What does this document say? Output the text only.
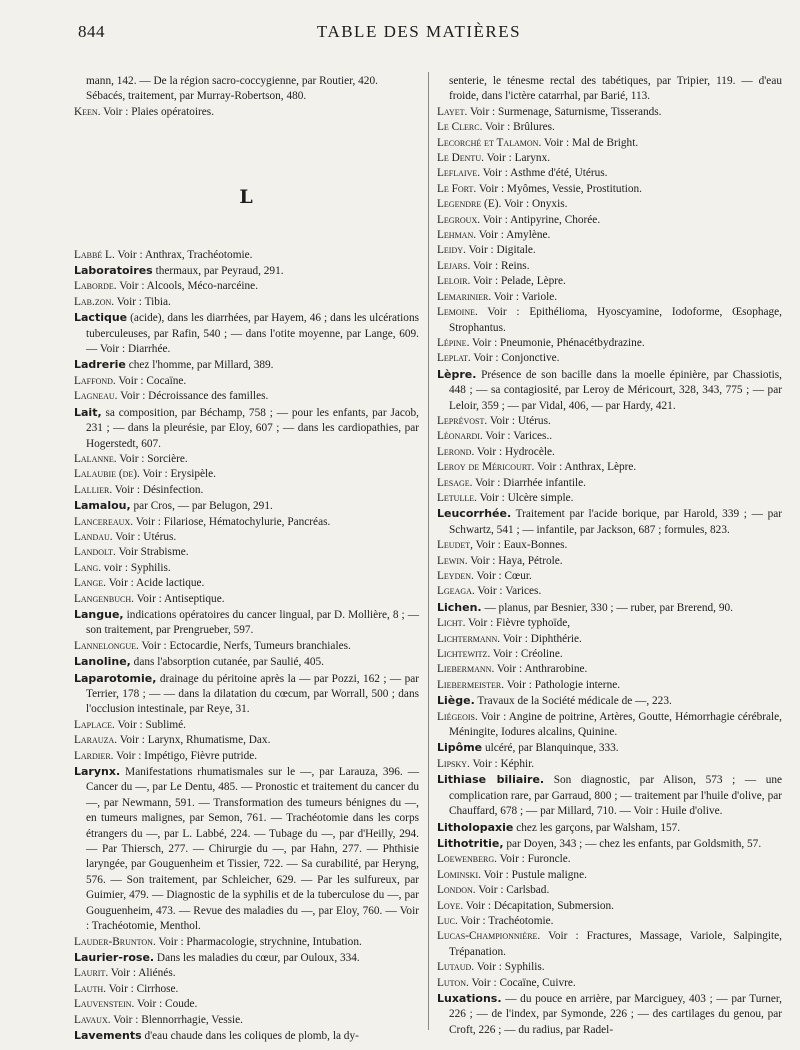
844	TABLE DES MATIÈRES

mann, 142. — De la région sacro-coccygienne, par Routier, 420.

Sébacés, traitement, par Murray-Robertson, 480.

Keen. Voir : Plaies opératoires.

L

Labbé L. Voir : Anthrax, Trachéotomie.

Laboratoires thermaux, par Peyraud, 291.

Laborde. Voir : Alcools, Méco-narcéine.

Lab.zon. Voir : Tibia.

Lactique (acide), dans les diarrhées, par Hayem, 46 ; dans les ulcérations tuberculeuses, par Rafin, 540 ; — dans l'otite moyenne, par Lange, 609. — Voir : Diarrhée.

Ladrerie chez l'homme, par Millard, 389.

Laffond. Voir : Cocaïne.

Lagneau. Voir : Décroissance des familles.

Lait, sa composition, par Béchamp, 758 ; — pour les enfants, par Jacob, 231 ; — dans la pleurésie, par Eloy, 607 ; — dans les cardiopathies, par Hogerstedt, 607.

Lalanne. Voir : Sorcière.

Lalaubie (de). Voir : Erysipèle.

Lallier. Voir : Désinfection.

Lamalou, par Cros, — par Belugon, 291.

Lancereaux. Voir : Filariose, Hématochylurie, Pancréas.

Landau. Voir : Utérus.

Landolt. Voir Strabisme.

Lang. voir : Syphilis.

Lange. Voir : Acide lactique.

Langenbuch. Voir : Antiseptique.

Langue, indications opératoires du cancer lingual, par D. Mollière, 8 ; — son traitement, par Prengrueber, 597.

Lannelongue. Voir : Ectocardie, Nerfs, Tumeurs branchiales.

Lanoline, dans l'absorption cutanée, par Saulié, 405.

Laparotomie, drainage du péritoine après la — par Pozzi, 162 ; — par Terrier, 178 ; — — dans la dilatation du cœcum, par Worrall, 500 ; dans l'occlusion intestinale, par Reye, 31.

Laplace. Voir : Sublimé.

Larauza. Voir : Larynx, Rhumatisme, Dax.

Lardier. Voir : Impétigo, Fièvre putride.

Larynx. Manifestations rhumatismales sur le —, par Larauza, 396. — Cancer du —, par Le Dentu, 485. — Pronostic et traitement du cancer du —, par Newmann, 591. — Transformation des tumeurs bénignes du —, en tumeurs malignes, par Semon, 761. — Trachéotomie dans les corps étrangers du —, par L. Labbé, 224. — Tubage du —, par d'Heilly, 294. — Par Thiersch, 277. — Chirurgie du —, par Hahn, 277. — Phthisie laryngée, par Gouguenheim et Tissier, 722. — Sa curabilité, par Heryng, 576. — Son traitement, par Schleicher, 629. — Par les sulfureux, par Guimier, 479. — Diagnostic de la syphilis et de la tuberculose du —, par Gouguenheim, 473. — Revue des maladies du —, par Eloy, 760. — Voir : Trachéotomie, Menthol.

Lauder-Brunton. Voir : Pharmacologie, strychnine, Intubation.

Laurier-rose. Dans les maladies du cœur, par Ouloux, 334.

Laurit. Voir : Aliénés.

Lauth. Voir : Cirrhose.

Lauvenstein. Voir : Coude.

Lavaux. Voir : Blennorrhagie, Vessie.

Lavements d'eau chaude dans les coliques de plomb, la dy-

senterie, le ténesme rectal des tabétiques, par Tripier, 119. — d'eau froide, dans l'ictère catarrhal, par Barié, 113.

Layet. Voir : Surmenage, Saturnisme, Tisserands.

Le Clerc. Voir : Brûlures.

Lecorché et Talamon. Voir : Mal de Bright.

Le Dentu. Voir : Larynx.

Leflaive. Voir : Asthme d'été, Utérus.

Le Fort. Voir : Myômes, Vessie, Prostitution.

Legendre (E). Voir : Onyxis.

Legroux. Voir : Antipyrine, Chorée.

Lehman. Voir : Amylène.

Leidy. Voir : Digitale.

Lejars. Voir : Reins.

Leloir. Voir : Pelade, Lèpre.

Lemarinier. Voir : Variole.

Lemoine. Voir : Epithélioma, Hyoscyamine, Iodoforme, Œsophage, Strophantus.

Lépine. Voir : Pneumonie, Phénacétbydrazine.

Leplat. Voir : Conjonctive.

Lèpre. Présence de son bacille dans la moelle épinière, par Chassiotis, 448 ; — sa contagiosité, par Leroy de Méricourt, 328, 343, 775 ; — par Leloir, 359 ; — par Vidal, 406, — par Hardy, 421.

Leprévost. Voir : Utérus.

Léonardi. Voir : Varices..

Lerond. Voir : Hydrocèle.

Leroy de Méricourt. Voir : Anthrax, Lèpre.

Lesage. Voir : Diarrhée infantile.

Letulle. Voir : Ulcère simple.

Leucorrhée. Traitement par l'acide borique, par Harold, 339 ; — par Schwartz, 541 ; — infantile, par Jackson, 687 ; formules, 823.

Leudet, Voir : Eaux-Bonnes.

Lewin. Voir : Haya, Pétrole.

Leyden. Voir : Cœur.

Lgeaga. Voir : Varices.

Lichen. — planus, par Besnier, 330 ; — ruber, par Brerend, 90.

Licht. Voir : Fièvre typhoïde,

Lichtermann. Voir : Diphthérie.

Lichtewitz. Voir : Créoline.

Liebermann. Voir : Anthrarobine.

Liebermeister. Voir : Pathologie interne.

Liège. Travaux de la Société médicale de —, 223.

Liégeois. Voir : Angine de poitrine, Artères, Goutte, Hémorrhagie cérébrale, Méningite, Iodures alcalins, Quinine.

Lipôme ulcéré, par Blanquinque, 333.

Lipsky. Voir : Képhir.

Lithiase biliaire. Son diagnostic, par Alison, 573 ; — une complication rare, par Garraud, 800 ; — traitement par l'huile d'olive, par Chauffard, 678 ; — par Millard, 710. — Voir : Huile d'olive.

Litholopaxie chez les garçons, par Walsham, 157.

Lithotritie, par Doyen, 343 ; — chez les enfants, par Goldsmith, 57.

Loewenberg. Voir : Furoncle.

Lominski. Voir : Pustule maligne.

London. Voir : Carlsbad.

Loye. Voir : Décapitation, Submersion.

Luc. Voir : Trachéotomie.

Lucas-Championnière. Voir : Fractures, Massage, Variole, Salpingite, Trépanation.

Lutaud. Voir : Syphilis.

Luton. Voir : Cocaïne, Cuivre.

Luxations. — du pouce en arrière, par Marciguey, 403 ; — par Turner, 226 ; — de l'index, par Symonde, 226 ; — des cartilages du genou, par Croft, 226 ; — du radius, par Radel-
